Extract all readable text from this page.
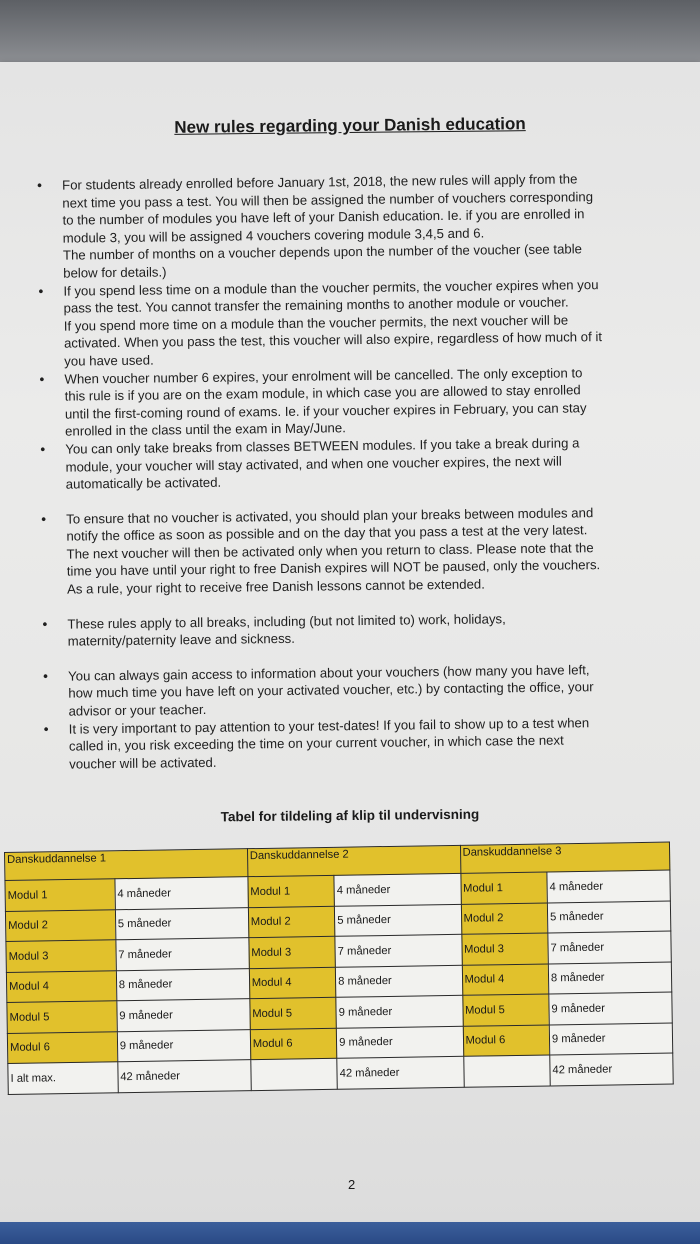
New rules regarding your Danish education
• For students already enrolled before January 1st, 2018, the new rules will apply from the
next time you pass a test. You will then be assigned the number of vouchers corresponding
to the number of modules you have left of your Danish education. Ie. if you are enrolled in
module 3, you will be assigned 4 vouchers covering module 3,4,5 and 6.
The number of months on a voucher depends upon the number of the voucher (see table
below for details.)
• If you spend less time on a module than the voucher permits, the voucher expires when you
pass the test. You cannot transfer the remaining months to another module or voucher.
If you spend more time on a module than the voucher permits, the next voucher will be
activated. When you pass the test, this voucher will also expire, regardless of how much of it
you have used.
• When voucher number 6 expires, your enrolment will be cancelled. The only exception to
this rule is if you are on the exam module, in which case you are allowed to stay enrolled
until the first-coming round of exams. Ie. if your voucher expires in February, you can stay
enrolled in the class until the exam in May/June.
• You can only take breaks from classes BETWEEN modules. If you take a break during a
module, your voucher will stay activated, and when one voucher expires, the next will
automatically be activated.
• To ensure that no voucher is activated, you should plan your breaks between modules and
notify the office as soon as possible and on the day that you pass a test at the very latest.
The next voucher will then be activated only when you return to class. Please note that the
time you have until your right to free Danish expires will NOT be paused, only the vouchers.
As a rule, your right to receive free Danish lessons cannot be extended.
• These rules apply to all breaks, including (but not limited to) work, holidays,
maternity/paternity leave and sickness.
• You can always gain access to information about your vouchers (how many you have left,
how much time you have left on your activated voucher, etc.) by contacting the office, your
advisor or your teacher.
• It is very important to pay attention to your test-dates! If you fail to show up to a test when
called in, you risk exceeding the time on your current voucher, in which case the next
voucher will be activated.
Tabel for tildeling af klip til undervisning
Danskuddannelse 1		Danskuddannelse 2		Danskuddannelse 3	
Modul 1	4 måneder	Modul 1	4 måneder	Modul 1	4 måneder
Modul 2	5 måneder	Modul 2	5 måneder	Modul 2	5 måneder
Modul 3	7 måneder	Modul 3	7 måneder	Modul 3	7 måneder
Modul 4	8 måneder	Modul 4	8 måneder	Modul 4	8 måneder
Modul 5	9 måneder	Modul 5	9 måneder	Modul 5	9 måneder
Modul 6	9 måneder	Modul 6	9 måneder	Modul 6	9 måneder
I alt max.	42 måneder		42 måneder		42 måneder
2
